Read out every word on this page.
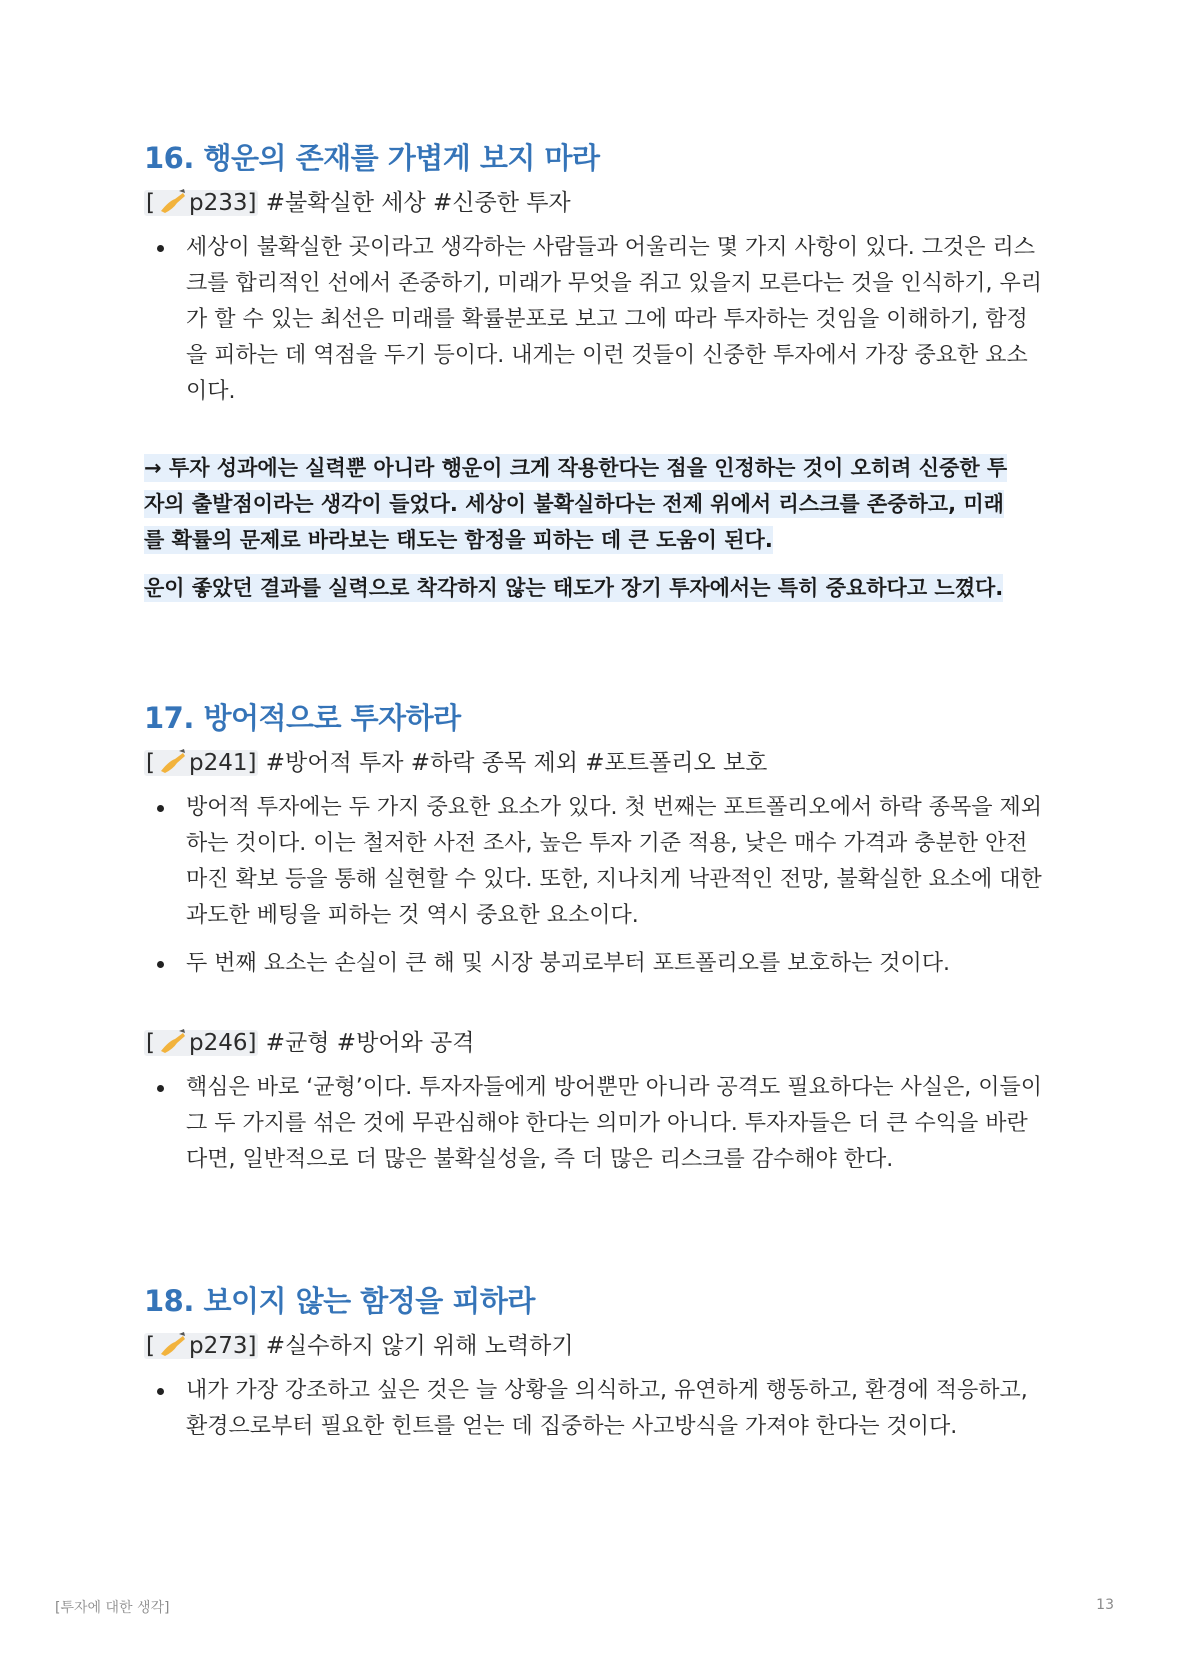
16. 행운의 존재를 가볍게 보지 마라
[ p233] #불확실한 세상 #신중한 투자
세상이 불확실한 곳이라고 생각하는 사람들과 어울리는 몇 가지 사항이 있다. 그것은 리스크를 합리적인 선에서 존중하기, 미래가 무엇을 쥐고 있을지 모른다는 것을 인식하기, 우리가 할 수 있는 최선은 미래를 확률분포로 보고 그에 따라 투자하는 것임을 이해하기, 함정을 피하는 데 역점을 두기 등이다. 내게는 이런 것들이 신중한 투자에서 가장 중요한 요소이다.

→ 투자 성과에는 실력뿐 아니라 행운이 크게 작용한다는 점을 인정하는 것이 오히려 신중한 투자의 출발점이라는 생각이 들었다. 세상이 불확실하다는 전제 위에서 리스크를 존중하고, 미래를 확률의 문제로 바라보는 태도는 함정을 피하는 데 큰 도움이 된다.

운이 좋았던 결과를 실력으로 착각하지 않는 태도가 장기 투자에서는 특히 중요하다고 느꼈다.

17. 방어적으로 투자하라
[ p241] #방어적 투자 #하락 종목 제외 #포트폴리오 보호
방어적 투자에는 두 가지 중요한 요소가 있다. 첫 번째는 포트폴리오에서 하락 종목을 제외하는 것이다. 이는 철저한 사전 조사, 높은 투자 기준 적용, 낮은 매수 가격과 충분한 안전마진 확보 등을 통해 실현할 수 있다. 또한, 지나치게 낙관적인 전망, 불확실한 요소에 대한 과도한 베팅을 피하는 것 역시 중요한 요소이다.
두 번째 요소는 손실이 큰 해 및 시장 붕괴로부터 포트폴리오를 보호하는 것이다.
[ p246] #균형 #방어와 공격
핵심은 바로 ‘균형’이다. 투자자들에게 방어뿐만 아니라 공격도 필요하다는 사실은, 이들이 그 두 가지를 섞은 것에 무관심해야 한다는 의미가 아니다. 투자자들은 더 큰 수익을 바란다면, 일반적으로 더 많은 불확실성을, 즉 더 많은 리스크를 감수해야 한다.
18. 보이지 않는 함정을 피하라
[ p273] #실수하지 않기 위해 노력하기
내가 가장 강조하고 싶은 것은 늘 상황을 의식하고, 유연하게 행동하고, 환경에 적응하고, 환경으로부터 필요한 힌트를 얻는 데 집중하는 사고방식을 가져야 한다는 것이다.
[투자에 대한 생각]	13
